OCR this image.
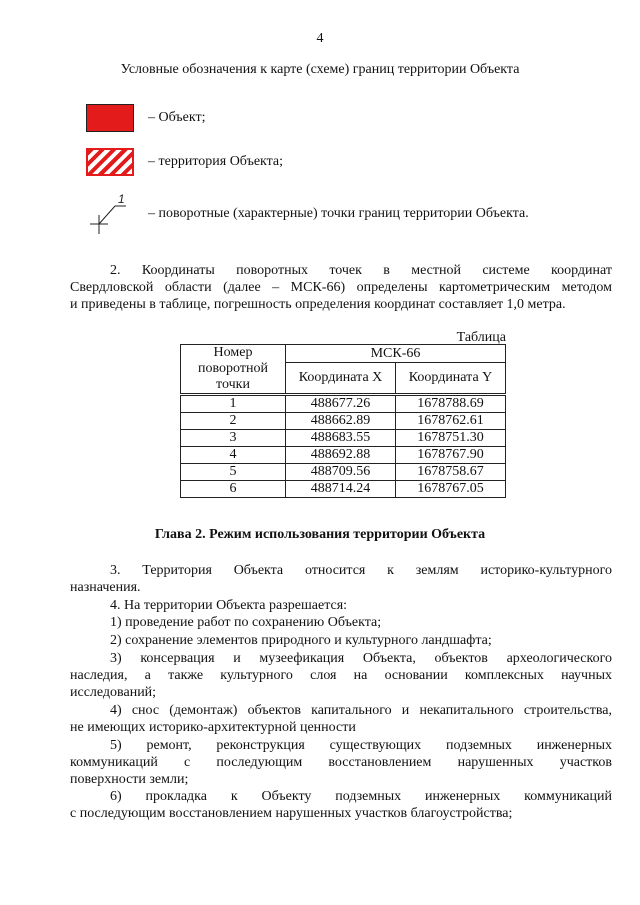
4
Условные обозначения к карте (схеме) границ территории Объекта
– Объект;
– территория Объекта;
1
– поворотные (характерные) точки границ территории Объекта.
2. Координаты поворотных точек в местной системе координат
Свердловской области (далее – МСК-66) определены картометрическим методом
и приведены в таблице, погрешность определения координат составляет 1,0 метра.
Таблица
Номер
поворотной
точки	МСК-66	
	Координата X	Координата Y
1	488677.26	1678788.69
2	488662.89	1678762.61
3	488683.55	1678751.30
4	488692.88	1678767.90
5	488709.56	1678758.67
6	488714.24	1678767.05
Глава 2. Режим использования территории Объекта
3. Территория Объекта относится к землям историко-культурного
назначения.
4. На территории Объекта разрешается:
1) проведение работ по сохранению Объекта;
2) сохранение элементов природного и культурного ландшафта;
3) консервация и музеефикация Объекта, объектов археологического
наследия, а также культурного слоя на основании комплексных научных
исследований;
4) снос (демонтаж) объектов капитального и некапитального строительства,
не имеющих историко-архитектурной ценности
5) ремонт, реконструкция существующих подземных инженерных
коммуникаций с последующим восстановлением нарушенных участков
поверхности земли;
6) прокладка к Объекту подземных инженерных коммуникаций
с последующим восстановлением нарушенных участков благоустройства;
